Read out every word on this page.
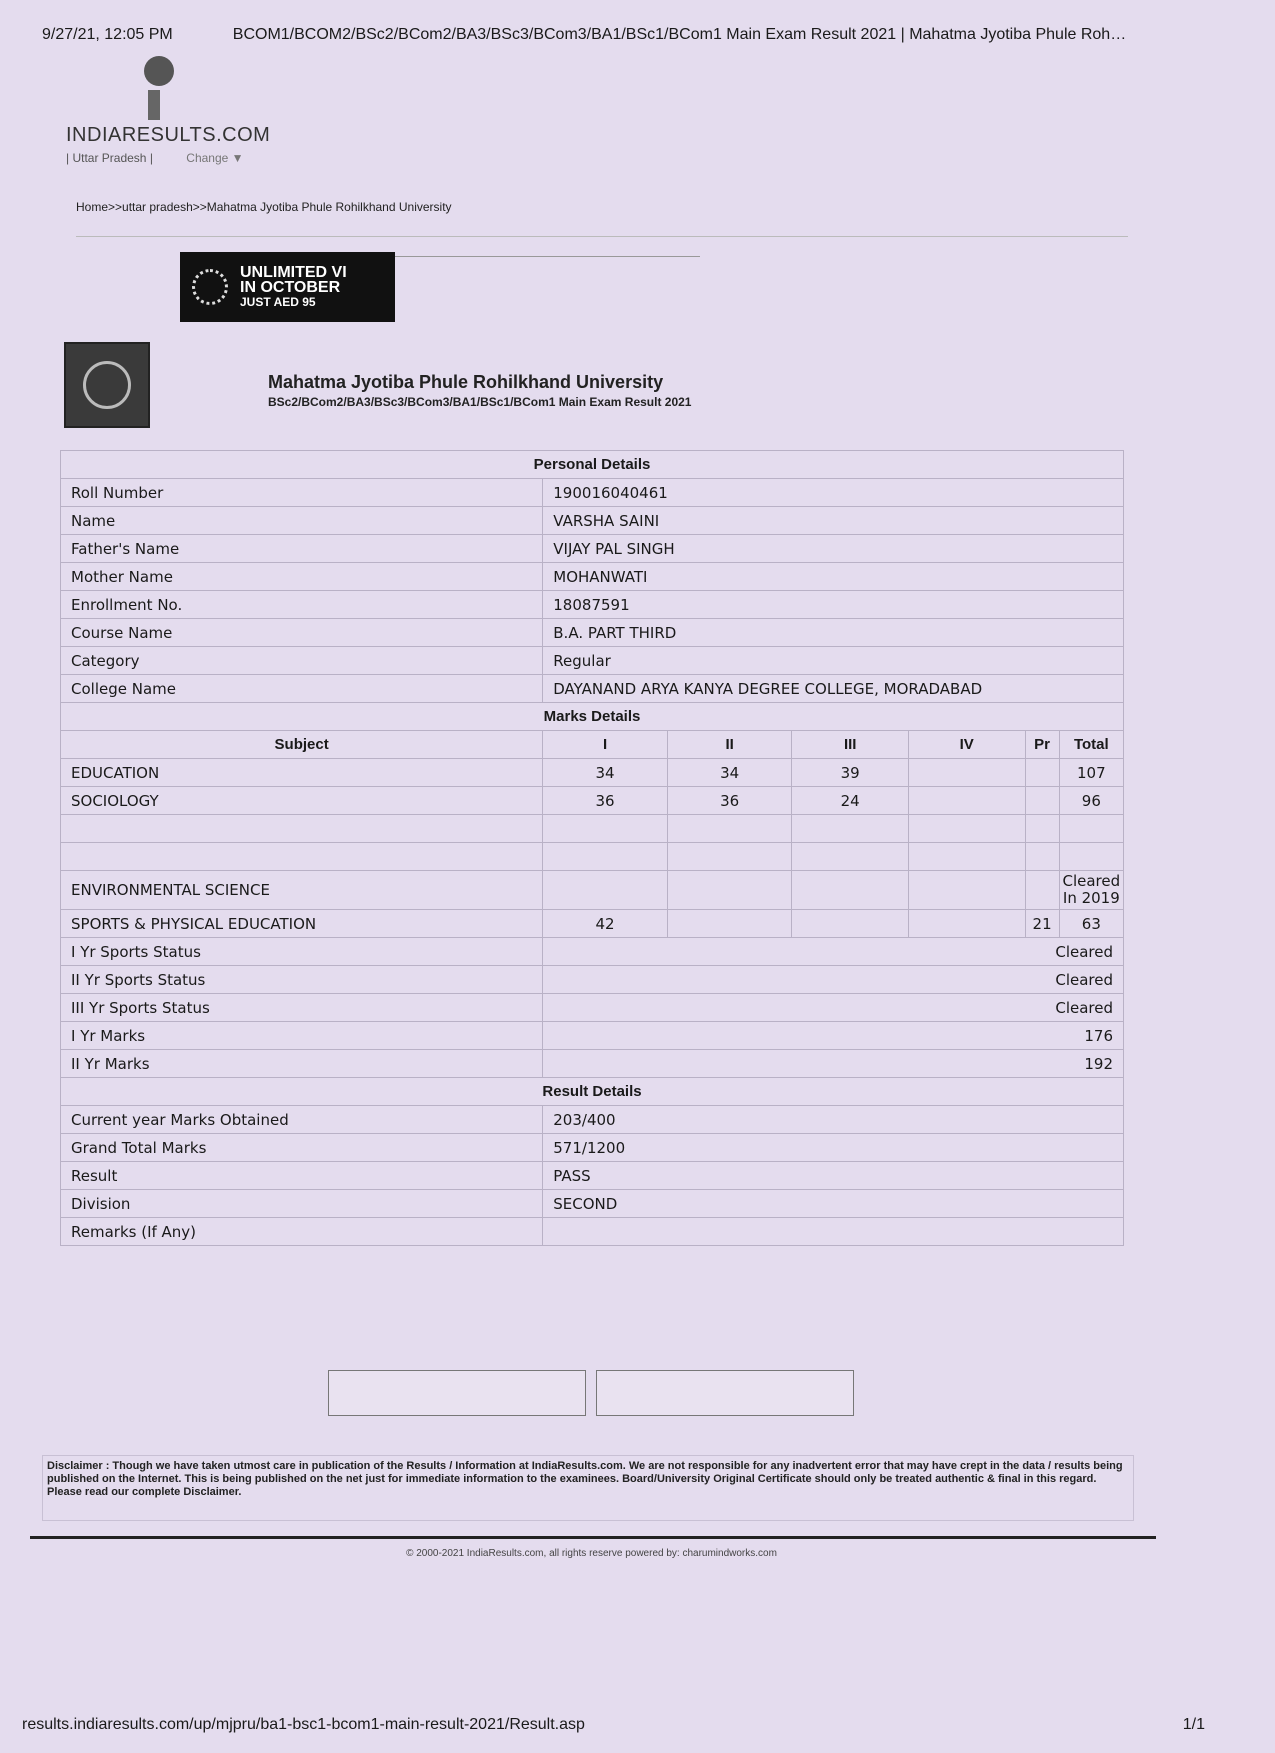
9/27/21, 12:05 PM	BCOM1/BCOM2/BSc2/BCom2/BA3/BSc3/BCom3/BA1/BSc1/BCom1 Main Exam Result 2021 | Mahatma Jyotiba Phule Roh…
INDIARESULTS.COM
| Uttar Pradesh |	Change ▼
Home>>uttar pradesh>>Mahatma Jyotiba Phule Rohilkhand University
UNLIMITED VI
IN OCTOBER
JUST AED 95
Mahatma Jyotiba Phule Rohilkhand University
BSc2/BCom2/BA3/BSc3/BCom3/BA1/BSc1/BCom1 Main Exam Result 2021
Personal Details						
Roll Number	190016040461					
Name	VARSHA SAINI					
Father's Name	VIJAY PAL SINGH					
Mother Name	MOHANWATI					
Enrollment No.	18087591					
Course Name	B.A. PART THIRD					
Category	Regular					
College Name	DAYANAND ARYA KANYA DEGREE COLLEGE, MORADABAD					
Marks Details						
Subject	I	II	III	IV	Pr	Total
EDUCATION	34	34	39			107
SOCIOLOGY	36	36	24			96

ENVIRONMENTAL SCIENCE						Cleared In 2019
SPORTS & PHYSICAL EDUCATION	42				21	63
I Yr Sports Status	Cleared					
II Yr Sports Status	Cleared					
III Yr Sports Status	Cleared					
I Yr Marks	176					
II Yr Marks	192					
Result Details						
Current year Marks Obtained	203/400					
Grand Total Marks	571/1200					
Result	PASS					
Division	SECOND					
Remarks (If Any)						
Disclaimer : Though we have taken utmost care in publication of the Results / Information at IndiaResults.com. We are not responsible for any inadvertent error that may have crept in the data / results being published on the Internet. This is being published on the net just for immediate information to the examinees. Board/University Original Certificate should only be treated authentic & final in this regard. Please read our complete Disclaimer.
© 2000-2021 IndiaResults.com, all rights reserve powered by: charumindworks.com
results.indiaresults.com/up/mjpru/ba1-bsc1-bcom1-main-result-2021/Result.asp	1/1
